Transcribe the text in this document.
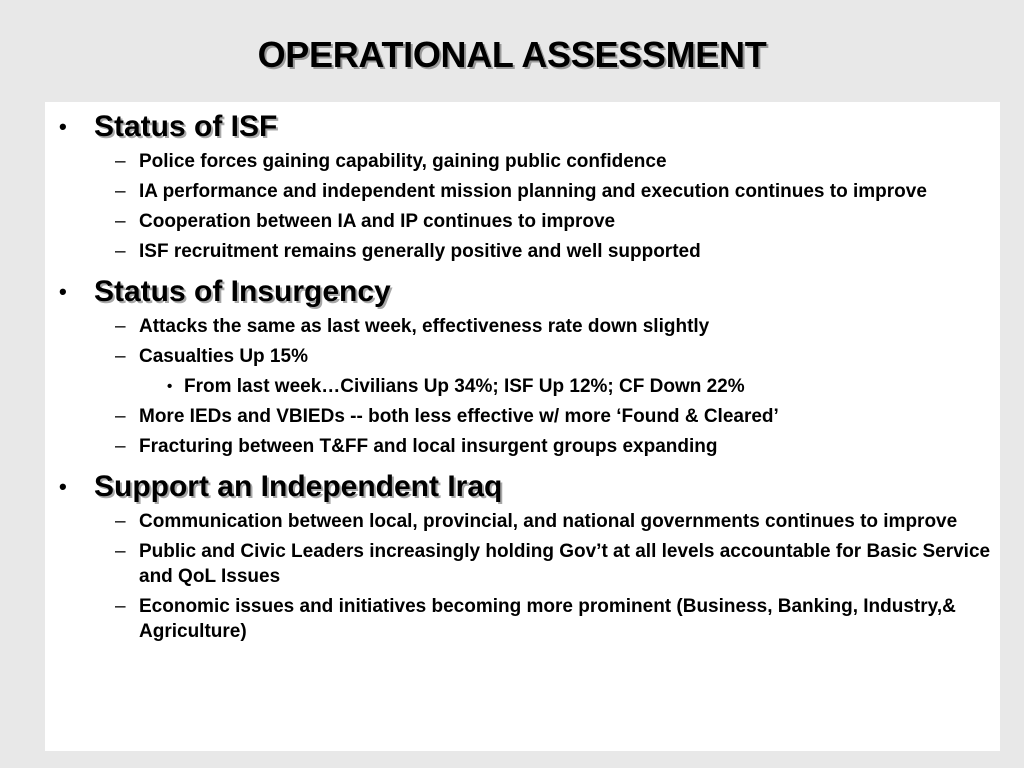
OPERATIONAL ASSESSMENT
• Status of ISF
– Police forces gaining capability, gaining public confidence
– IA performance and independent mission planning and execution continues to improve
– Cooperation between IA and IP continues to improve
– ISF recruitment remains generally positive and well supported
• Status of Insurgency
– Attacks the same as last week, effectiveness rate down slightly
– Casualties Up 15%
• From last week…Civilians Up 34%; ISF Up 12%; CF Down 22%
– More IEDs and VBIEDs -- both less effective w/ more ‘Found & Cleared’
– Fracturing between T&FF and local insurgent groups expanding
• Support an Independent Iraq
– Communication between local, provincial, and national governments continues to improve
– Public and Civic Leaders increasingly holding Gov’t at all levels accountable for Basic Service and QoL Issues
– Economic issues and initiatives becoming more prominent (Business, Banking, Industry,& Agriculture)
